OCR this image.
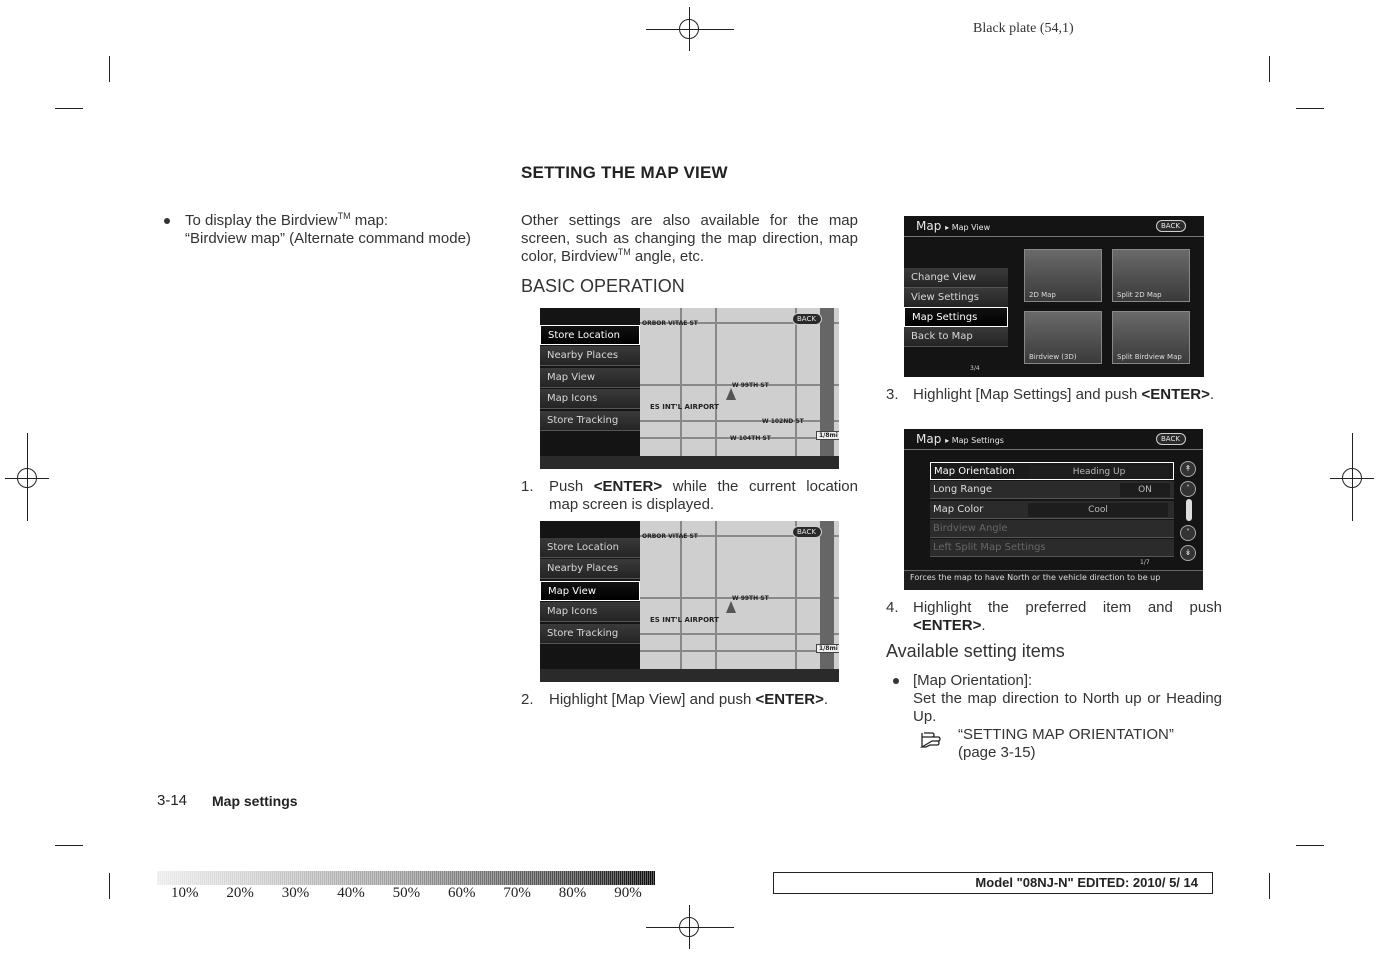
Black plate (54,1)
To display the Birdview™ map:
“Birdview map” (Alternate command mode)
SETTING THE MAP VIEW
Other settings are also available for the map screen, such as changing the map direction, map color, Birdview™ angle, etc.
BASIC OPERATION
ORBOR VITAE ST
W 99TH ST
ES INT'L AIRPORT
W 102ND ST
W 104TH ST	1/8mi
BACK
Store Location
Nearby Places
Map View
Map Icons
Store Tracking
1.	Push <ENTER> while the current location map screen is displayed.
ORBOR VITAE ST
W 99TH ST
ES INT'L AIRPORT
1/8mi
BACK
Store Location
Nearby Places
Map View
Map Icons
Store Tracking
2.	Highlight [Map View] and push <ENTER>.
Map ▸ Map View	BACK
Change View
View Settings
Map Settings
Back to Map
3/4
2D Map	Split 2D Map
Birdview (3D)	Split Birdview Map
3. Highlight [Map Settings] and push <ENTER>.
Map ▸ Map Settings	BACK
Map Orientation	Heading Up
Long Range	ON
Map Color	Cool
Birdview Angle
Left Split Map Settings
1/7
↟
˄
˅
↡
Forces the map to have North or the vehicle direction to be up
4. Highlight the preferred item and push <ENTER>.
Available setting items
[Map Orientation]:
Set the map direction to North up or Heading Up.
“SETTING MAP ORIENTATION”
(page 3-15)
3-14 Map settings
10% 20% 30% 40% 50% 60% 70% 80% 90%
Model "08NJ-N" EDITED: 2010/ 5/ 14
